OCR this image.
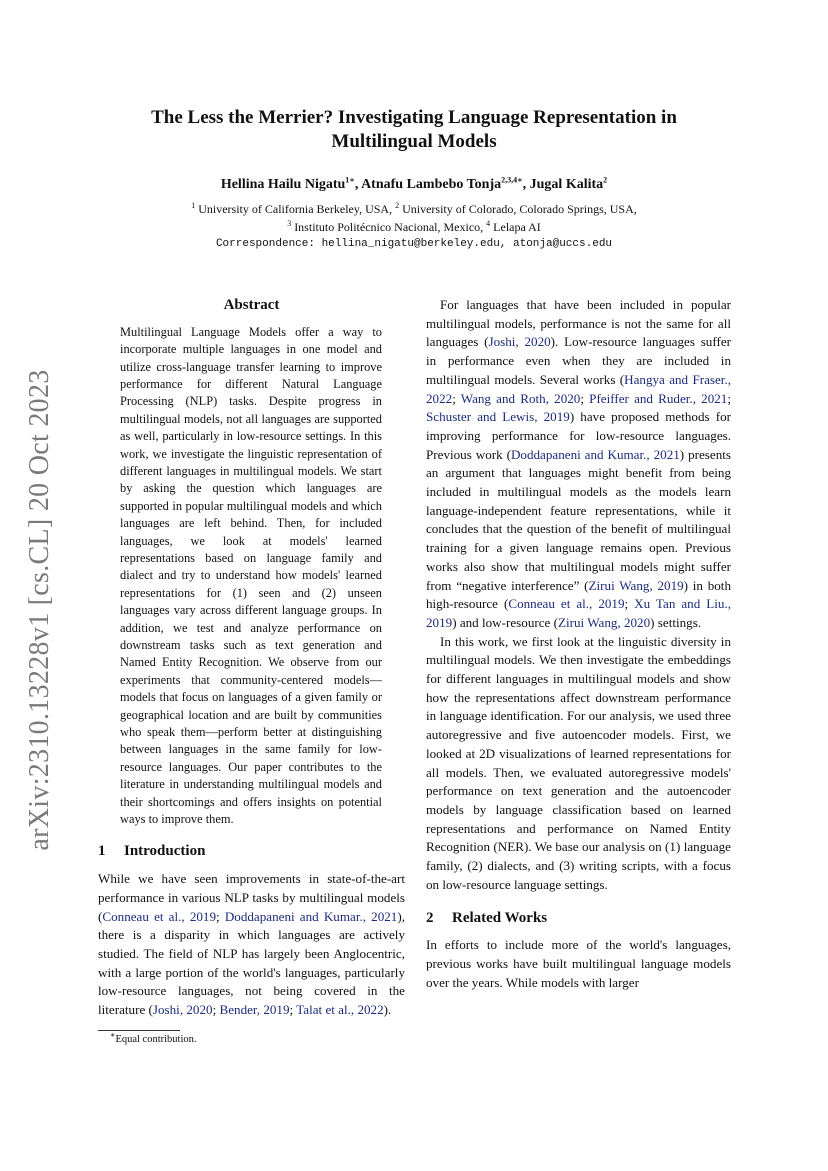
arXiv:2310.13228v1 [cs.CL] 20 Oct 2023
The Less the Merrier? Investigating Language Representation in
Multilingual Models
Hellina Hailu Nigatu$^{1∗}$, Atnafu Lambebo Tonja$^{2,3,4∗}$, Jugal Kalita$^2$
$^1$ University of California Berkeley, USA, $^2$ University of Colorado, Colorado Springs, USA,
$^3$ Instituto Politécnico Nacional, Mexico, $^4$ Lelapa AI
Correspondence: hellina_nigatu@berkeley.edu, atonja@uccs.edu
Abstract

Multilingual Language Models offer a way to incorporate multiple languages in one model and utilize cross-language transfer learning to improve performance for different Natural Language Processing (NLP) tasks. Despite progress in multilingual models, not all languages are supported as well, particularly in low-resource settings. In this work, we investigate the linguistic representation of different languages in multilingual models. We start by asking the question which languages are supported in popular multilingual models and which languages are left behind. Then, for included languages, we look at models' learned representations based on language family and dialect and try to understand how models' learned representations for (1) seen and (2) unseen languages vary across different language groups. In addition, we test and analyze performance on downstream tasks such as text generation and Named Entity Recognition. We observe from our experiments that community-centered models—models that focus on languages of a given family or geographical location and are built by communities who speak them—perform better at distinguishing between languages in the same family for low-resource languages. Our paper contributes to the literature in understanding multilingual models and their shortcomings and offers insights on potential ways to improve them.

1 Introduction

While we have seen improvements in state-of-the-art performance in various NLP tasks by multilingual models (Conneau et al., 2019; Doddapaneni and Kumar., 2021), there is a disparity in which languages are actively studied. The field of NLP has largely been Anglocentric, with a large portion of the world's languages, particularly low-resource languages, not being covered in the literature (Joshi, 2020; Bender, 2019; Talat et al., 2022).

∗Equal contribution.

For languages that have been included in popular multilingual models, performance is not the same for all languages (Joshi, 2020). Low-resource languages suffer in performance even when they are included in multilingual models. Several works (Hangya and Fraser., 2022; Wang and Roth, 2020; Pfeiffer and Ruder., 2021; Schuster and Lewis, 2019) have proposed methods for improving performance for low-resource languages. Previous work (Doddapaneni and Kumar., 2021) presents an argument that languages might benefit from being included in multilingual models as the models learn language-independent feature representations, while it concludes that the question of the benefit of multilingual training for a given language remains open. Previous works also show that multilingual models might suffer from “negative interference” (Zirui Wang, 2019) in both high-resource (Conneau et al., 2019; Xu Tan and Liu., 2019) and low-resource (Zirui Wang, 2020) settings.

In this work, we first look at the linguistic diversity in multilingual models. We then investigate the embeddings for different languages in multilingual models and show how the representations affect downstream performance in language identification. For our analysis, we used three autoregressive and five autoencoder models. First, we looked at 2D visualizations of learned representations for all models. Then, we evaluated autoregressive models' performance on text generation and the autoencoder models by language classification based on learned representations and performance on Named Entity Recognition (NER). We base our analysis on (1) language family, (2) dialects, and (3) writing scripts, with a focus on low-resource language settings.

2 Related Works

In efforts to include more of the world's languages, previous works have built multilingual language models over the years. While models with larger
